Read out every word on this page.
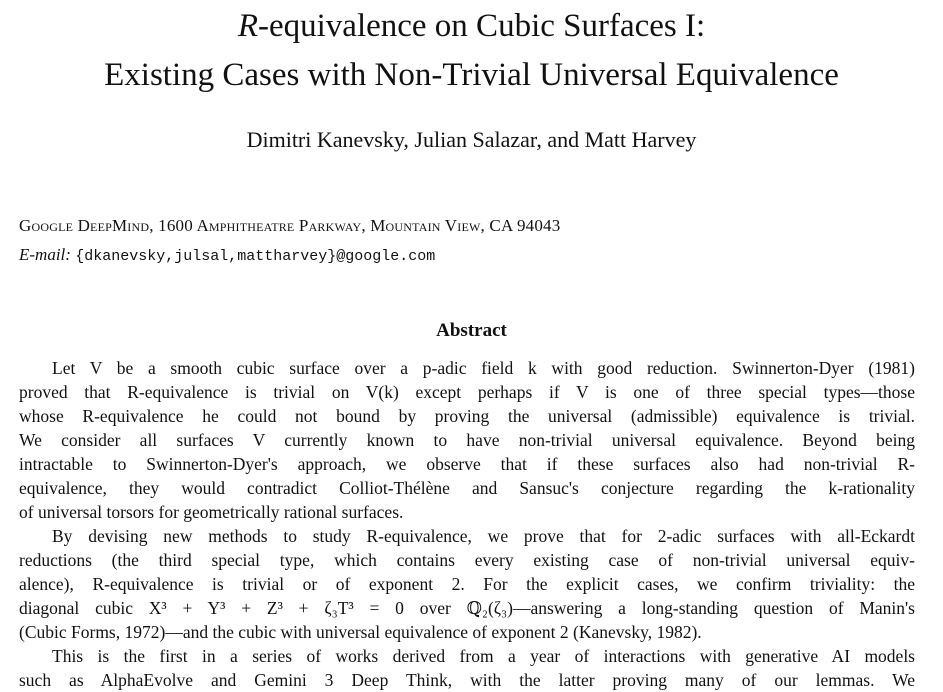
R-equivalence on Cubic Surfaces I:
Existing Cases with Non-Trivial Universal Equivalence
Dimitri Kanevsky, Julian Salazar, and Matt Harvey
Google DeepMind, 1600 Amphitheatre Parkway, Mountain View, CA 94043
E-mail: {dkanevsky,julsal,mattharvey}@google.com
Abstract
Let V be a smooth cubic surface over a p-adic field k with good reduction. Swinnerton-Dyer (1981)
proved that R-equivalence is trivial on V(k) except perhaps if V is one of three special types—those
whose R-equivalence he could not bound by proving the universal (admissible) equivalence is trivial.
We consider all surfaces V currently known to have non-trivial universal equivalence. Beyond being
intractable to Swinnerton-Dyer's approach, we observe that if these surfaces also had non-trivial R-
equivalence, they would contradict Colliot-Thélène and Sansuc's conjecture regarding the k-rationality
of universal torsors for geometrically rational surfaces.
By devising new methods to study R-equivalence, we prove that for 2-adic surfaces with all-Eckardt
reductions (the third special type, which contains every existing case of non-trivial universal equiv-
alence), R-equivalence is trivial or of exponent 2. For the explicit cases, we confirm triviality: the
diagonal cubic X³ + Y³ + Z³ + ζ₃T³ = 0 over ℚ₂(ζ₃)—answering a long-standing question of Manin's
(Cubic Forms, 1972)—and the cubic with universal equivalence of exponent 2 (Kanevsky, 1982).
This is the first in a series of works derived from a year of interactions with generative AI models
such as AlphaEvolve and Gemini 3 Deep Think, with the latter proving many of our lemmas. We
